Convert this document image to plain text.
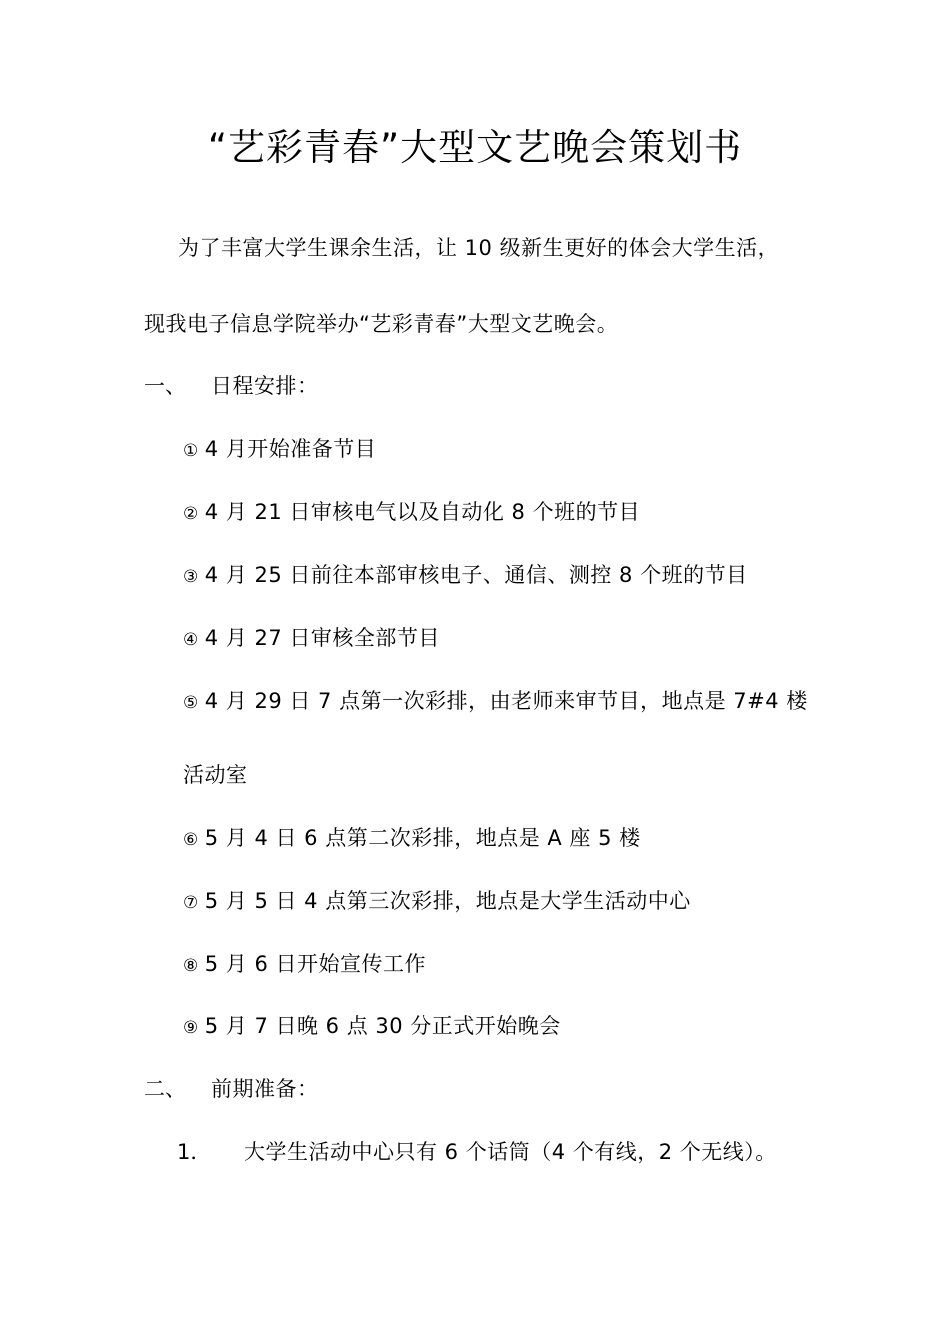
“艺彩青春”大型文艺晚会策划书
为了丰富大学生课余生活，让 10 级新生更好的体会大学生活，
现我电子信息学院举办“艺彩青春”大型文艺晚会。
一、 日程安排：
① 4 月开始准备节目
② 4 月 21 日审核电气以及自动化 8 个班的节目
③ 4 月 25 日前往本部审核电子、通信、测控 8 个班的节目
④ 4 月 27 日审核全部节目
⑤ 4 月 29 日 7 点第一次彩排，由老师来审节目，地点是 7#4 楼
活动室
⑥ 5 月 4 日 6 点第二次彩排，地点是 A 座 5 楼
⑦ 5 月 5 日 4 点第三次彩排，地点是大学生活动中心
⑧ 5 月 6 日开始宣传工作
⑨ 5 月 7 日晚 6 点 30 分正式开始晚会
二、 前期准备：
1． 大学生活动中心只有 6 个话筒（4 个有线，2 个无线）。
